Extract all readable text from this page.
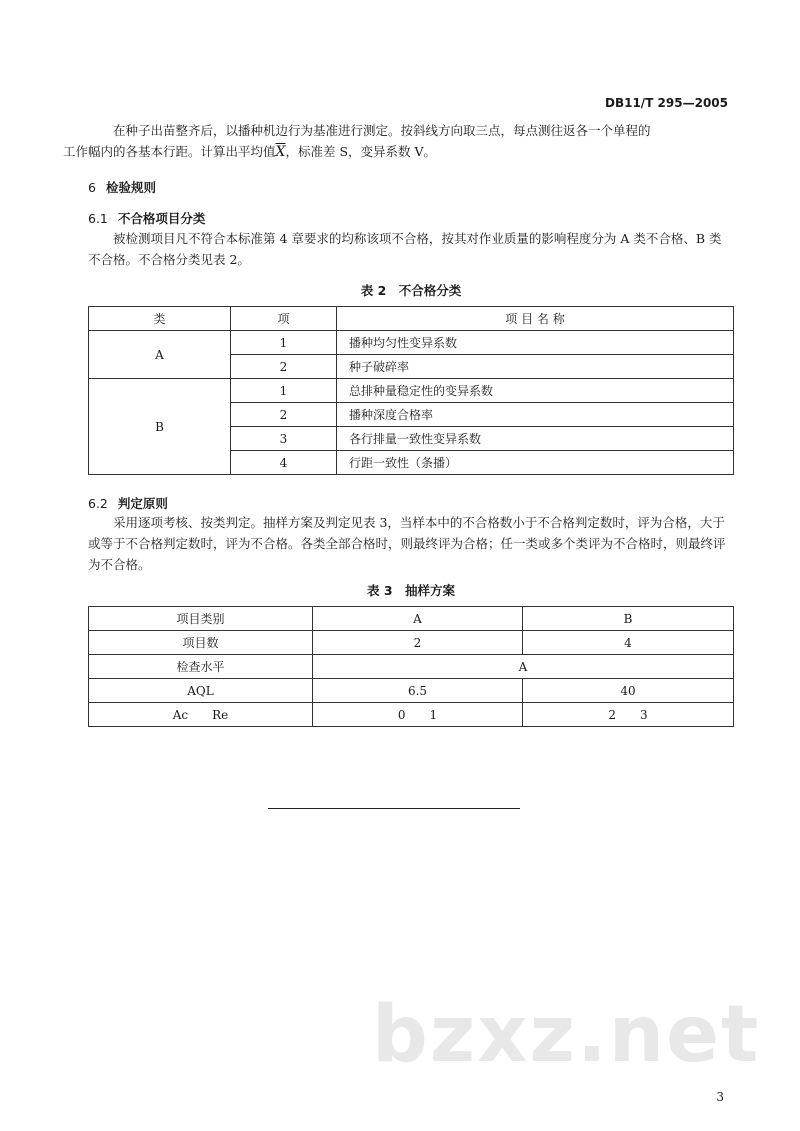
DB11/T 295—2005

在种子出苗整齐后，以播种机边行为基准进行测定。按斜线方向取三点，每点测往返各一个单程的
工作幅内的各基本行距。计算出平均值$\overline{X}$，标准差 S，变异系数 V。

6 检验规则
6.1 不合格项目分类

被检测项目凡不符合本标准第 4 章要求的均称该项不合格，按其对作业质量的影响程度分为 A 类不合格、B 类不合格。不合格分类见表 2。

表 2　不合格分类
类	项	项 目 名 称
A	1	播种均匀性变异系数
	2	种子破碎率
B	1	总排种量稳定性的变异系数
	2	播种深度合格率
	3	各行排量一致性变异系数
	4	行距一致性（条播）
6.2 判定原则

采用逐项考核、按类判定。抽样方案及判定见表 3，当样本中的不合格数小于不合格判定数时，评为合格，大于或等于不合格判定数时，评为不合格。各类全部合格时，则最终评为合格；任一类或多个类评为不合格时，则最终评为不合格。

表 3　抽样方案
项目类别	A	B
项目数	2	4
检查水平	A	
AQL	6.5	40
Ac　　Re	0　　1	2　　3
bzxz.net
3
